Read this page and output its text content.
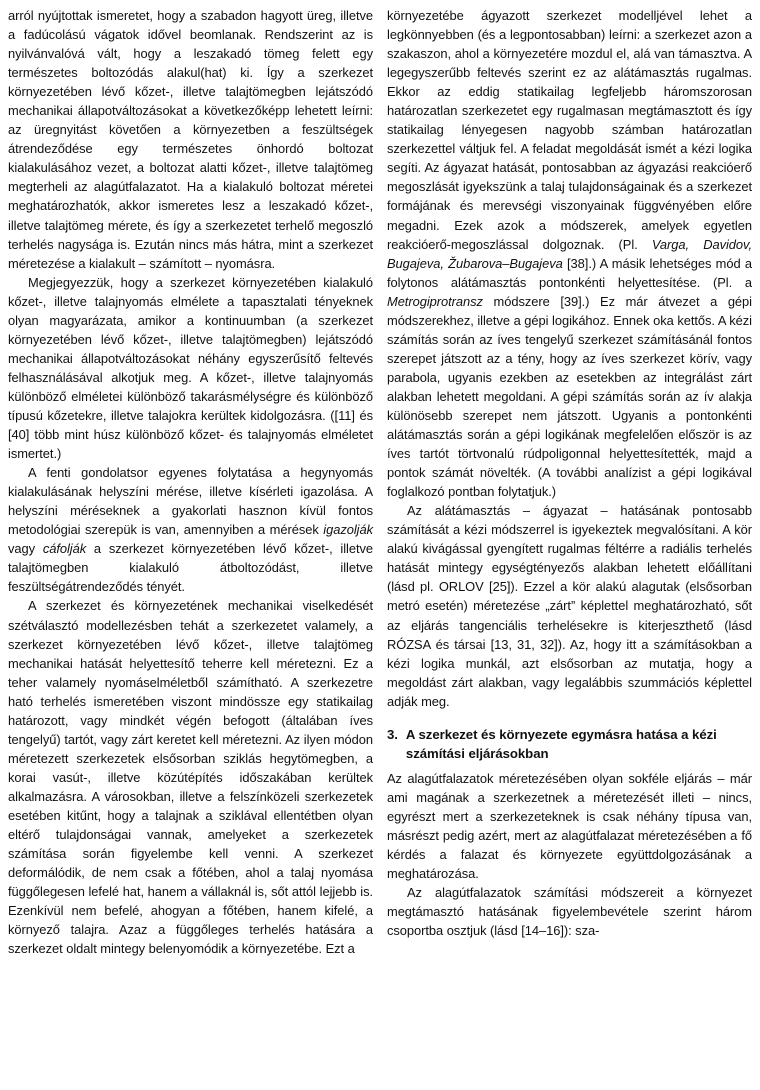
arról nyújtottak ismeretet, hogy a szabadon hagyott üreg, illetve a fadúcolású vágatok idővel beomlanak. Rendszerint az is nyilvánvalóvá vált, hogy a leszakadó tömeg felett egy természetes boltozódás alakul(hat) ki. Így a szerkezet környezetében lévő kőzet-, illetve talajtömegben lejátszódó mechanikai állapotváltozásokat a következőképp lehetett leírni: az üregnyitást követően a környezetben a feszültségek átrendeződése egy természetes önhordó boltozat kialakulásához vezet, a boltozat alatti kőzet-, illetve talajtömeg megterheli az alagútfalazatot. Ha a kialakuló boltozat méretei meghatározhatók, akkor ismeretes lesz a leszakadó kőzet-, illetve talajtömeg mérete, és így a szerkezetet terhelő megoszló terhelés nagysága is. Ezután nincs más hátra, mint a szerkezet méretezése a kialakult – számított – nyomásra.

Megjegyezzük, hogy a szerkezet környezetében kialakuló kőzet-, illetve talajnyomás elmélete a tapasztalati tényeknek olyan magyarázata, amikor a kontinuumban (a szerkezet környezetében lévő kőzet-, illetve talajtömegben) lejátszódó mechanikai állapotváltozásokat néhány egyszerűsítő feltevés felhasználásával alkotjuk meg. A kőzet-, illetve talajnyomás különböző elméletei különböző takarásmélységre és különböző típusú kőzetekre, illetve talajokra kerültek kidolgozásra. ([11] és [40] több mint húsz különböző kőzet- és talajnyomás elméletet ismertet.)

A fenti gondolatsor egyenes folytatása a hegynyomás kialakulásának helyszíni mérése, illetve kísérleti igazolása. A helyszíni méréseknek a gyakorlati hasznon kívül fontos metodológiai szerepük is van, amennyiben a mérések igazolják vagy cáfolják a szerkezet környezetében lévő kőzet-, illetve talajtömegben kialakuló átboltozódást, illetve feszültségátrendeződés tényét.

A szerkezet és környezetének mechanikai viselkedését szétválasztó modellezésben tehát a szerkezetet valamely, a szerkezet környezetében lévő kőzet-, illetve talajtömeg mechanikai hatását helyettesítő teherre kell méretezni. Ez a teher valamely nyomáselméletből számítható. A szerkezetre ható terhelés ismeretében viszont mindössze egy statikailag határozott, vagy mindkét végén befogott (általában íves tengelyű) tartót, vagy zárt keretet kell méretezni. Az ilyen módon méretezett szerkezetek elsősorban sziklás hegytömegben, a korai vasút-, illetve közútépítés időszakában kerültek alkalmazásra. A városokban, illetve a felszínközeli szerkezetek esetében kitűnt, hogy a talajnak a sziklával ellentétben olyan eltérő tulajdonságai vannak, amelyeket a szerkezetek számítása során figyelembe kell venni. A szerkezet deformálódik, de nem csak a főtében, ahol a talaj nyomása függőlegesen lefelé hat, hanem a vállaknál is, sőt attól lejjebb is. Ezenkívül nem befelé, ahogyan a főtében, hanem kifelé, a környező talajra. Azaz a függőleges terhelés hatására a szerkezet oldalt mintegy belenyomódik a környezetébe. Ezt a

környezetébe ágyazott szerkezet modelljével lehet a legkönnyebben (és a legpontosabban) leírni: a szerkezet azon a szakaszon, ahol a környezetére mozdul el, alá van támasztva. A legegyszerűbb feltevés szerint ez az alátámasztás rugalmas. Ekkor az eddig statikailag legfeljebb háromszorosan határozatlan szerkezetet egy rugalmasan megtámasztott és így statikailag lényegesen nagyobb számban határozatlan szerkezettel váltjuk fel. A feladat megoldását ismét a kézi logika segíti. Az ágyazat hatását, pontosabban az ágyazási reakcióerő megoszlását igyekszünk a talaj tulajdonságainak és a szerkezet formájának és merevségi viszonyainak függvényében előre megadni. Ezek azok a módszerek, amelyek egyetlen reakcióerő-megoszlással dolgoznak. (Pl. Varga, Davidov, Bugajeva, Žubarova–Bugajeva [38].) A másik lehetséges mód a folytonos alátámasztás pontonkénti helyettesítése. (Pl. a Metrogiprotransz módszere [39].) Ez már átvezet a gépi módszerekhez, illetve a gépi logikához. Ennek oka kettős. A kézi számítás során az íves tengelyű szerkezet számításánál fontos szerepet játszott az a tény, hogy az íves szerkezet körív, vagy parabola, ugyanis ezekben az esetekben az integrálást zárt alakban lehetett megoldani. A gépi számítás során az ív alakja különösebb szerepet nem játszott. Ugyanis a pontonkénti alátámasztás során a gépi logikának megfelelően először is az íves tartót törtvonalú rúdpoligonnal helyettesítették, majd a pontok számát növelték. (A további analízist a gépi logikával foglalkozó pontban folytatjuk.)

Az alátámasztás – ágyazat – hatásának pontosabb számítását a kézi módszerrel is igyekeztek megvalósítani. A kör alakú kivágással gyengített rugalmas féltérre a radiális terhelés hatását mintegy egységtényezős alakban lehetett előállítani (lásd pl. ORLOV [25]). Ezzel a kör alakú alagutak (elsősorban metró esetén) méretezése „zárt” képlettel meghatározható, sőt az eljárás tangenciális terhelésekre is kiterjeszthető (lásd RÓZSA és társai [13, 31, 32]). Az, hogy itt a számításokban a kézi logika munkál, azt elsősorban az mutatja, hogy a megoldást zárt alakban, vagy legalábbis szummációs képlettel adják meg.

3. A szerkezet és környezete egymásra hatása a kézi számítási eljárásokban

Az alagútfalazatok méretezésében olyan sokféle eljárás – már ami magának a szerkezetnek a méretezését illeti – nincs, egyrészt mert a szerkezeteknek is csak néhány típusa van, másrészt pedig azért, mert az alagútfalazat méretezésében a fő kérdés a falazat és környezete együttdolgozásának a meghatározása.

Az alagútfalazatok számítási módszereit a környezet megtámasztó hatásának figyelembevétele szerint három csoportba osztjuk (lásd [14–16]): sza-
